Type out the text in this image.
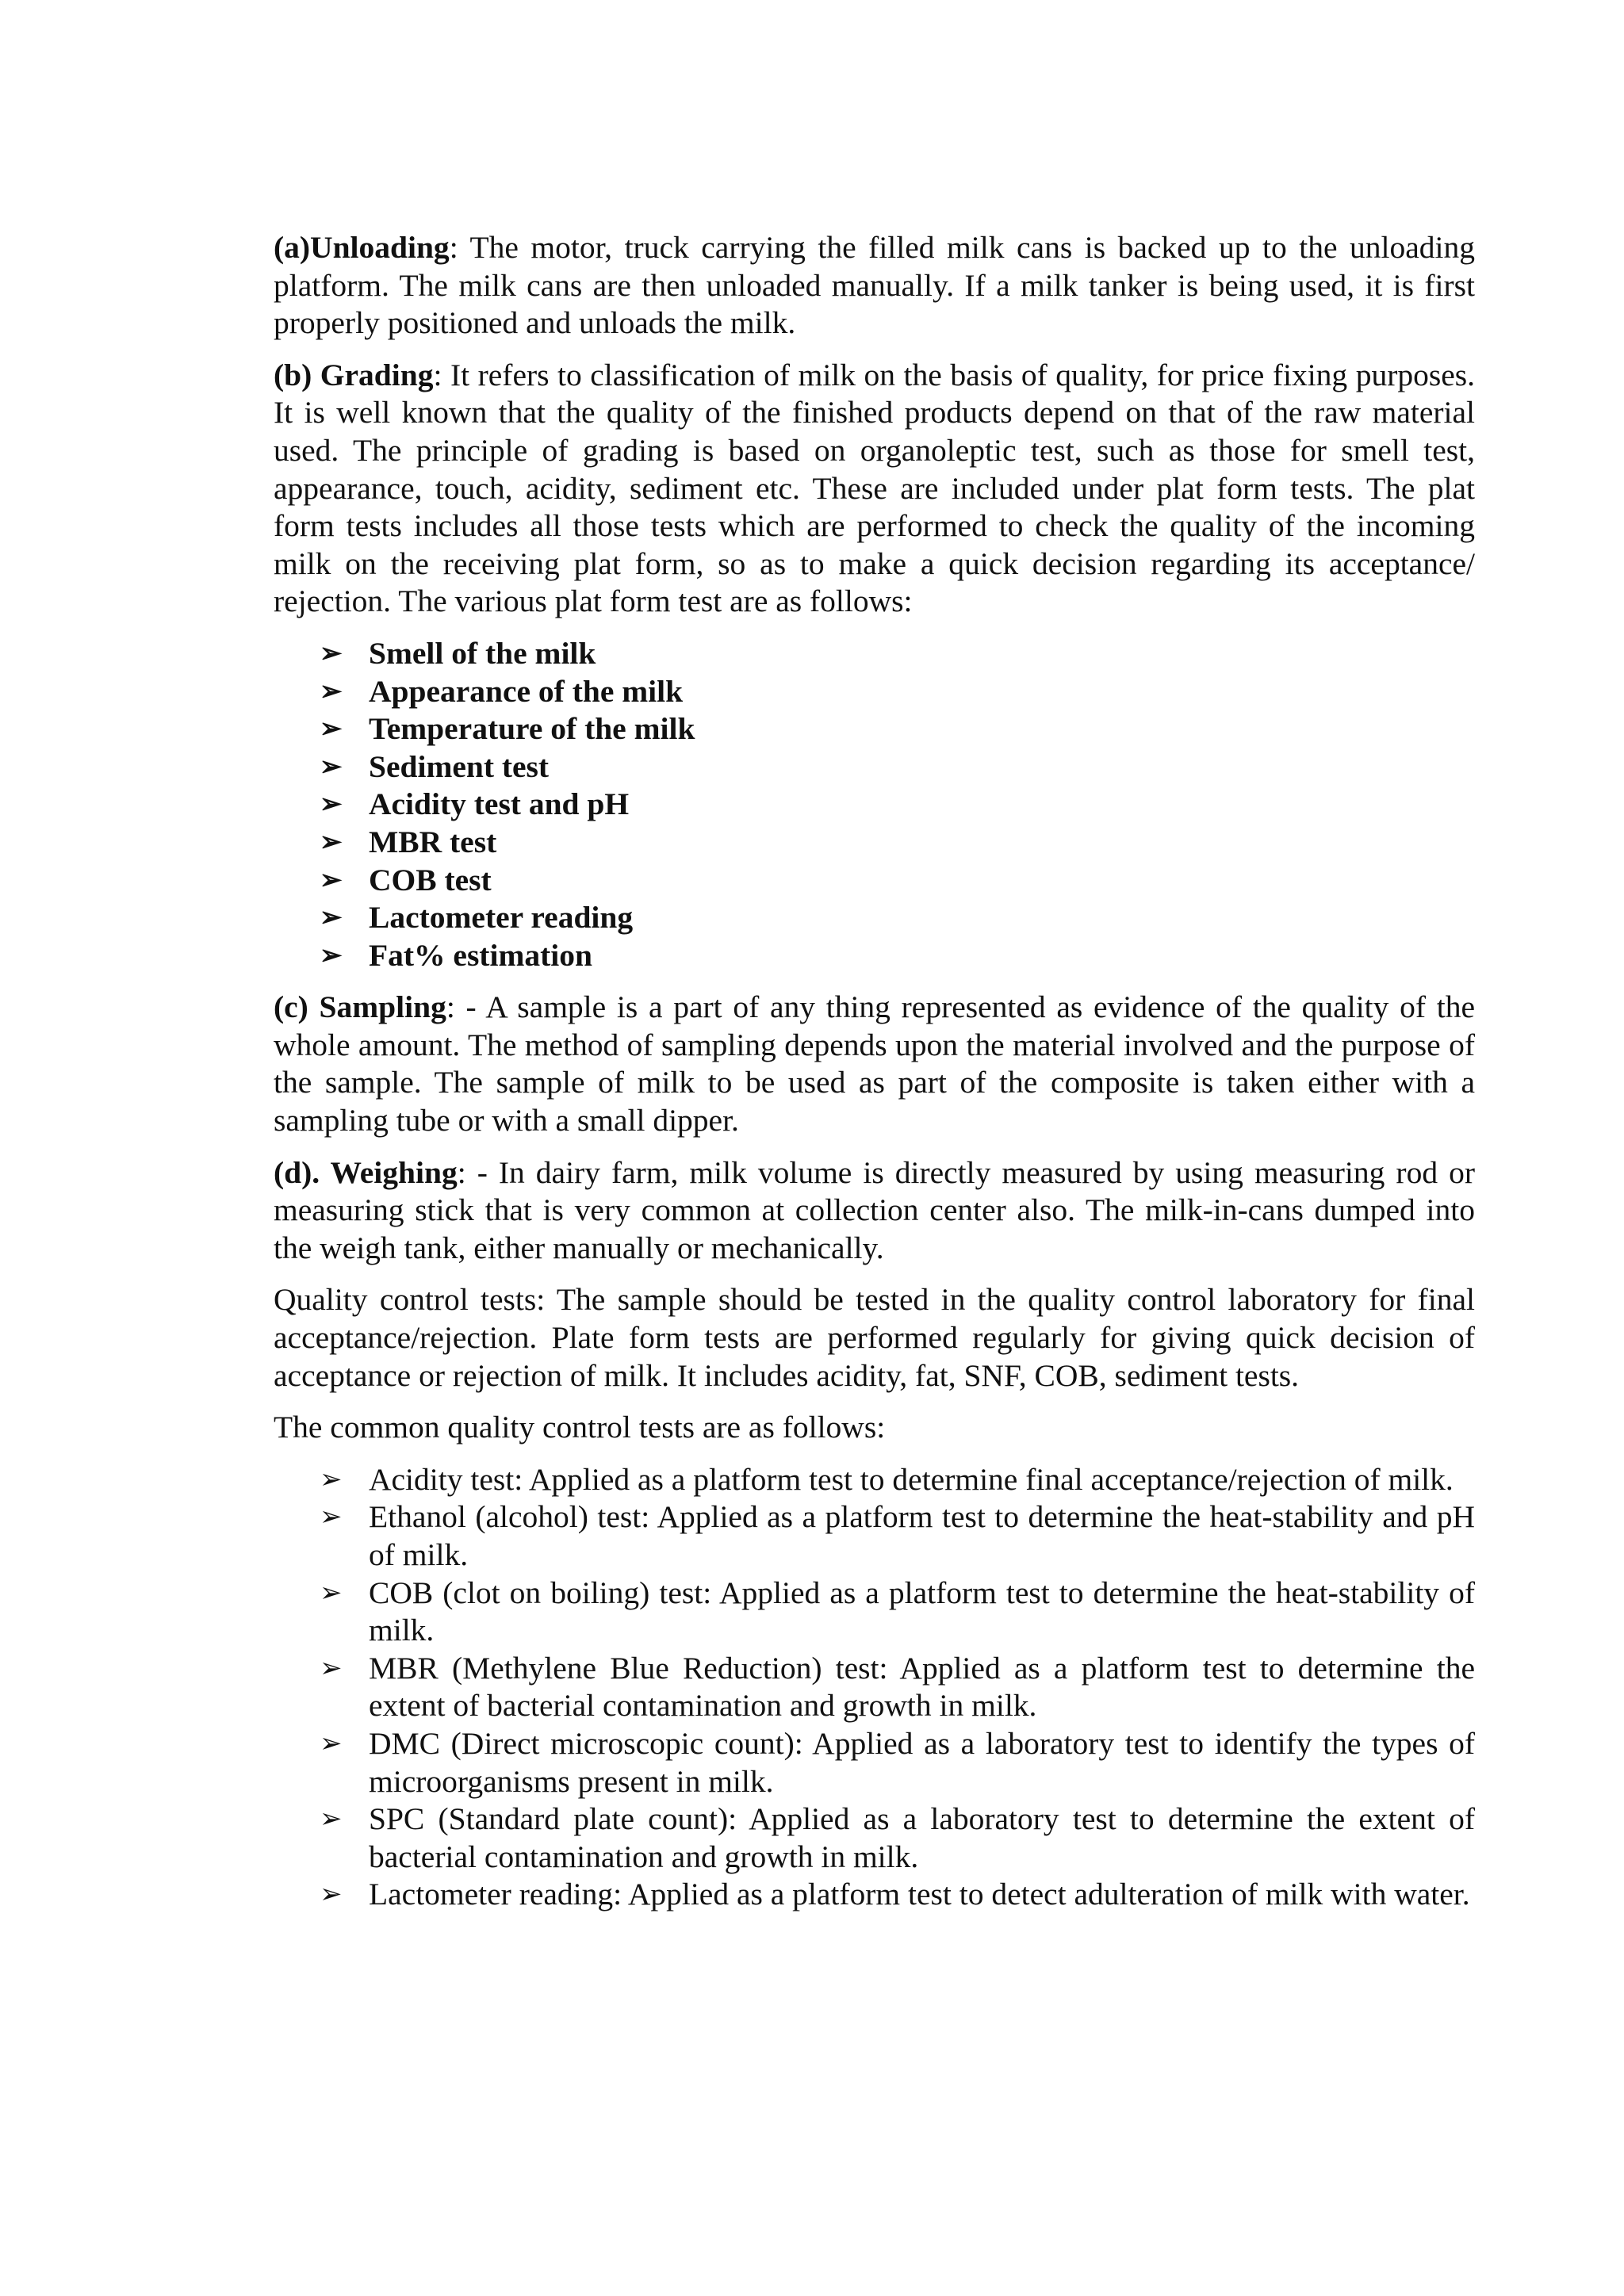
(a)Unloading: The motor, truck carrying the filled milk cans is backed up to the unloading platform. The milk cans are then unloaded manually. If a milk tanker is being used, it is first properly positioned and unloads the milk.

(b) Grading: It refers to classification of milk on the basis of quality, for price fixing purposes. It is well known that the quality of the finished products depend on that of the raw material used. The principle of grading is based on organoleptic test, such as those for smell test, appearance, touch, acidity, sediment etc. These are included under plat form tests. The plat form tests includes all those tests which are performed to check the quality of the incoming milk on the receiving plat form, so as to make a quick decision regarding its acceptance/ rejection. The various plat form test are as follows:

➢ Smell of the milk
➢ Appearance of the milk
➢ Temperature of the milk
➢ Sediment test
➢ Acidity test and pH
➢ MBR test
➢ COB test
➢ Lactometer reading
➢ Fat% estimation

(c) Sampling: - A sample is a part of any thing represented as evidence of the quality of the whole amount. The method of sampling depends upon the material involved and the purpose of the sample. The sample of milk to be used as part of the composite is taken either with a sampling tube or with a small dipper.

(d). Weighing: - In dairy farm, milk volume is directly measured by using measuring rod or measuring stick that is very common at collection center also. The milk-in-cans dumped into the weigh tank, either manually or mechanically.

Quality control tests: The sample should be tested in the quality control laboratory for final acceptance/rejection. Plate form tests are performed regularly for giving quick decision of acceptance or rejection of milk. It includes acidity, fat, SNF, COB, sediment tests.

The common quality control tests are as follows:

➢ Acidity test: Applied as a platform test to determine final acceptance/rejection of milk.
➢ Ethanol (alcohol) test: Applied as a platform test to determine the heat-stability and pH of milk.
➢ COB (clot on boiling) test: Applied as a platform test to determine the heat-stability of milk.
➢ MBR (Methylene Blue Reduction) test: Applied as a platform test to determine the extent of bacterial contamination and growth in milk.
➢ DMC (Direct microscopic count): Applied as a laboratory test to identify the types of microorganisms present in milk.
➢ SPC (Standard plate count): Applied as a laboratory test to determine the extent of bacterial contamination and growth in milk.
➢ Lactometer reading: Applied as a platform test to detect adulteration of milk with water.
